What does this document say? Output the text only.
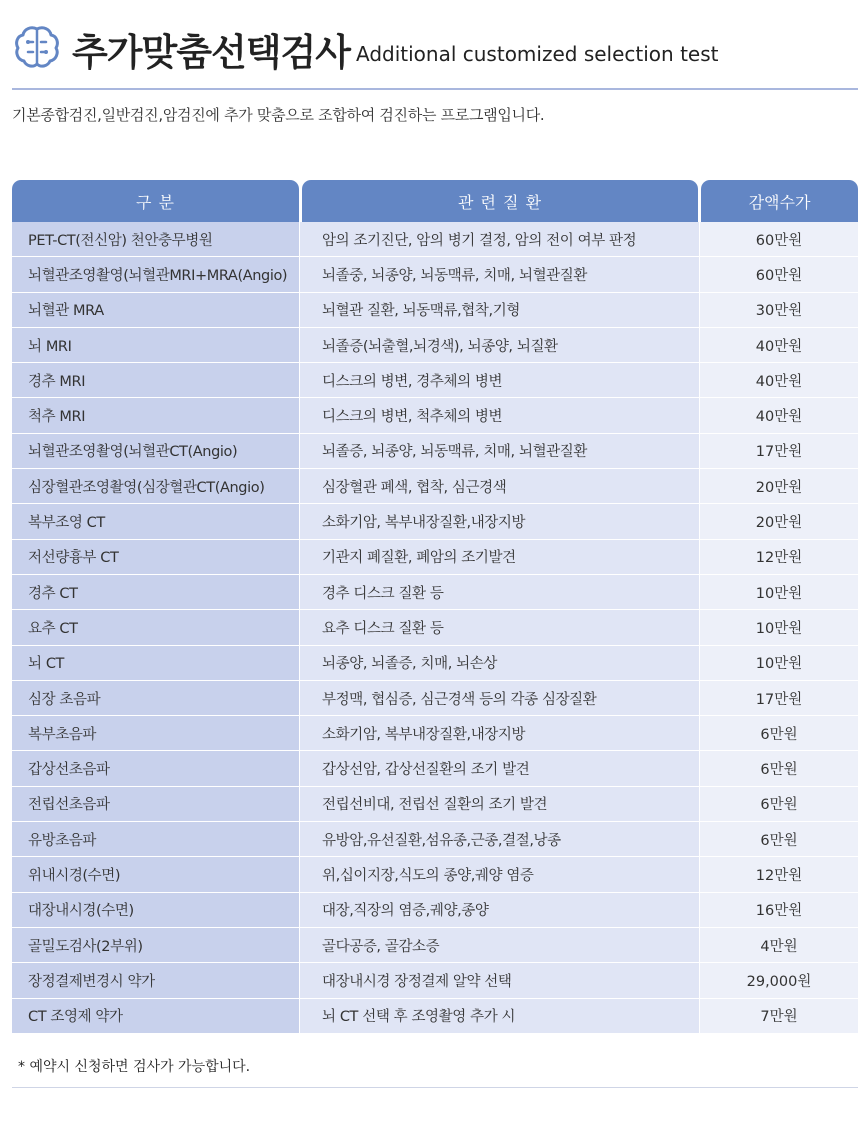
추가맞춤선택검사 Additional customized selection test
기본종합검진,일반검진,암검진에 추가 맞춤으로 조합하여 검진하는 프로그램입니다.
구 분	관 련 질 환	감액수가
PET-CT(전신암) 천안충무병원	암의 조기진단, 암의 병기 결정, 암의 전이 여부 판정	60만원
뇌혈관조영촬영(뇌혈관MRI+MRA(Angio)	뇌졸중, 뇌종양, 뇌동맥류, 치매, 뇌혈관질환	60만원
뇌혈관 MRA	뇌혈관 질환, 뇌동맥류,협착,기형	30만원
뇌 MRI	뇌졸증(뇌출혈,뇌경색), 뇌종양, 뇌질환	40만원
경추 MRI	디스크의 병변, 경추체의 병변	40만원
척추 MRI	디스크의 병변, 척추체의 병변	40만원
뇌혈관조영촬영(뇌혈관CT(Angio)	뇌졸증, 뇌종양, 뇌동맥류, 치매, 뇌혈관질환	17만원
심장혈관조영촬영(심장혈관CT(Angio)	심장혈관 폐색, 협착, 심근경색	20만원
복부조영 CT	소화기암, 복부내장질환,내장지방	20만원
저선량흉부 CT	기관지 폐질환, 폐암의 조기발견	12만원
경추 CT	경추 디스크 질환 등	10만원
요추 CT	요추 디스크 질환 등	10만원
뇌 CT	뇌종양, 뇌졸증, 치매, 뇌손상	10만원
심장 초음파	부정맥, 협심증, 심근경색 등의 각종 심장질환	17만원
복부초음파	소화기암, 복부내장질환,내장지방	6만원
갑상선초음파	갑상선암, 갑상선질환의 조기 발견	6만원
전립선초음파	전립선비대, 전립선 질환의 조기 발견	6만원
유방초음파	유방암,유선질환,섬유종,근종,결절,낭종	6만원
위내시경(수면)	위,십이지장,식도의 종양,궤양 염증	12만원
대장내시경(수면)	대장,직장의 염증,궤양,종양	16만원
골밀도검사(2부위)	골다공증, 골감소증	4만원
장정결제변경시 약가	대장내시경 장정결제 알약 선택	29,000원
CT 조영제 약가	뇌 CT 선택 후 조영촬영 추가 시	7만원
* 예약시 신청하면 검사가 가능합니다.
